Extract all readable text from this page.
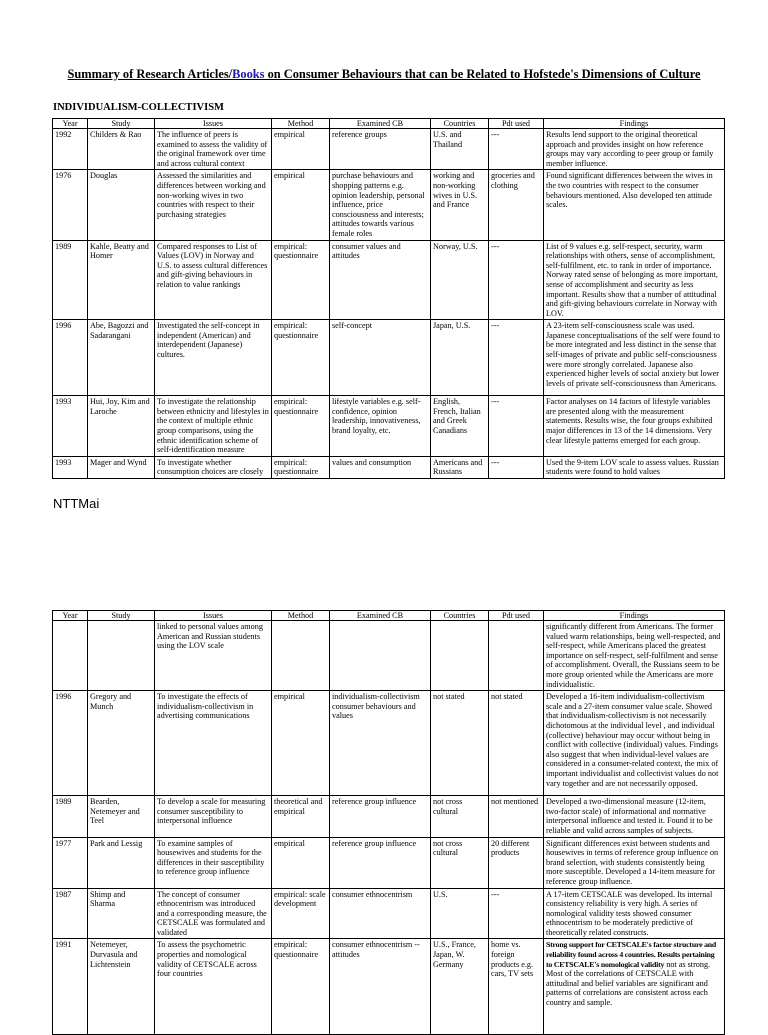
Summary of Research Articles/Books on Consumer Behaviours that can be Related to Hofstede's Dimensions of Culture
INDIVIDUALISM-COLLECTIVISM
Year	Study	Issues	Method	Examined CB	Countries	Pdt used	Findings
1992	Childers & Rao	The influence of peers is examined to assess the validity of the original framework over time and across cultural context	empirical	reference groups	U.S. and Thailand	---	Results lend support to the original theoretical approach and provides insight on how reference groups may vary according to peer group or family member influence.
1976	Douglas	Assessed the similarities and differences between working and non-working wives in two countries with respect to their purchasing strategies	empirical	purchase behaviours and shopping patterns e.g. opinion leadership, personal influence, price consciousness and interests; attitudes towards various female roles	working and non-working wives in U.S. and France	groceries and clothing	Found significant differences between the wives in the two countries with respect to the consumer behaviours mentioned. Also developed ten attitude scales.
1989	Kahle, Beatty and Homer	Compared responses to List of Values (LOV) in Norway and U.S. to assess cultural differences and gift-giving behaviours in relation to value rankings	empirical: questionnaire	consumer values and attitudes	Norway, U.S.	---	List of 9 values e.g. self-respect, security, warm relationships with others, sense of accomplishment, self-fulfilment, etc. to rank in order of importance. Norway rated sense of belonging as more important, sense of accomplishment and security as less important. Results show that a number of attitudinal and gift-giving behaviours correlate in Norway with LOV.
1996	Abe, Bagozzi and Sadarangani	Investigated the self-concept in independent (American) and interdependent (Japanese) cultures.	empirical: questionnaire	self-concept	Japan, U.S.	---	A 23-item self-consciousness scale was used. Japanese conceptualisations of the self were found to be more integrated and less distinct in the sense that self-images of private and public self-consciousness were more strongly correlated. Japanese also experienced higher levels of social anxiety but lower levels of private self-consciousness than Americans.
1993	Hui, Joy, Kim and Laroche	To investigate the relationship between ethnicity and lifestyles in the context of multiple ethnic group comparisons, using the ethnic identification scheme of self-identification measure	empirical: questionnaire	lifestyle variables e.g. self-confidence, opinion leadership, innovativeness, brand loyalty, etc.	English, French, Italian and Greek Canadians	---	Factor analyses on 14 factors of lifestyle variables are presented along with the measurement statements. Results wise, the four groups exhibited major differences in 13 of the 14 dimensions. Very clear lifestyle patterns emerged for each group.
1993	Mager and Wynd	To investigate whether consumption choices are closely	empirical: questionnaire	values and consumption	Americans and Russians	---	Used the 9-item LOV scale to assess values. Russian students were found to hold values
NTTMai
Year	Study	Issues	Method	Examined CB	Countries	Pdt used	Findings
		linked to personal values among American and Russian students using the LOV scale					significantly different from Americans. The former valued warm relationships, being well-respected, and self-respect, while Americans placed the greatest importance on self-respect, self-fulfilment and sense of accomplishment. Overall, the Russians seem to be more group oriented while the Americans are more individualistic.
1996	Gregory and Munch	To investigate the effects of individualism-collectivism in advertising communications	empirical	individualism-collectivism consumer behaviours and values	not stated	not stated	Developed a 16-item individualism-collectivism scale and a 27-item consumer value scale. Showed that individualism-collectivism is not necessarily dichotomous at the individual level , and individual (collective) behaviour may occur without being in conflict with collective (individual) values. Findings also suggest that when individual-level values are considered in a consumer-related context, the mix of important individualist and collectivist values do not vary together and are not necessarily opposed.
1989	Bearden, Netemeyer and Teel	To develop a scale for measuring consumer susceptibility to interpersonal influence	theoretical and empirical	reference group influence	not cross cultural	not mentioned	Developed a two-dimensional measure (12-item, two-factor scale) of informational and normative interpersonal influence and tested it. Found it to be reliable and valid across samples of subjects.
1977	Park and Lessig	To examine samples of housewives and students for the differences in their susceptibility to reference group influence	empirical	reference group influence	not cross cultural	20 different products	Significant differences exist between students and housewives in terms of reference group influence on brand selection, with students consistently being more susceptible. Developed a 14-item measure for reference group influence.
1987	Shimp and Sharma	The concept of consumer ethnocentrism was introduced and a corresponding measure, the CETSCALE was formulated and validated	empirical: scale development	consumer ethnocentrism	U.S.	---	A 17-item CETSCALE was developed. Its internal consistency reliability is very high. A series of nomological validity tests showed consumer ethnocentrism to be moderately predictive of theoretically related constructs.
1991	Netemeyer, Durvasula and Lichtenstein	To assess the psychometric properties and nomological validity of CETSCALE across four countries	empirical: questionnaire	consumer ethnocentrism -- attitudes	U.S., France, Japan, W. Germany	home vs. foreign products e.g. cars, TV sets	Strong support for CETSCALE's factor structure and reliability found across 4 countries. Results pertaining to CETSCALE's nomological validity not as strong. Most of the correlations of CETSCALE with attitudinal and belief variables are significant and patterns of correlations are consistent across each country and sample.
